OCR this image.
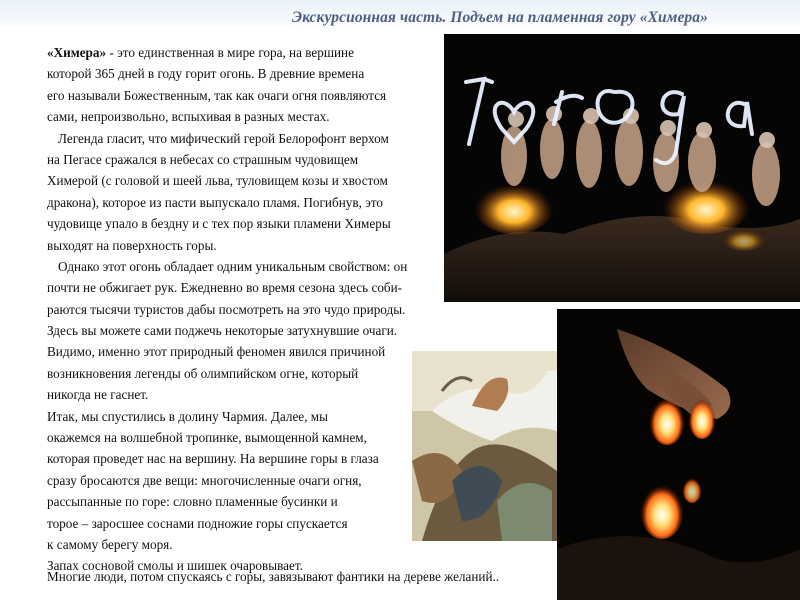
Экскурсионная часть. Подъем на пламенная гору «Химера»
«Химера» - это единственная в мире гора, на вершине
которой 365 дней в году горит огонь. В древние времена
его называли Божественным, так как очаги огня появляются
сами, непроизвольно, вспыхивая в разных местах.
Легенда гласит, что мифический герой Белорофонт верхом
на Пегасе сражался в небесах со страшным чудовищем
Химерой (с головой и шеей льва, туловищем козы и хвостом
дракона), которое из пасти выпускало пламя. Погибнув, это
чудовище упало в бездну и с тех пор языки пламени Химеры
выходят на поверхность горы.
Однако этот огонь обладает одним уникальным свойством: он
почти не обжигает рук. Ежедневно во время сезона здесь соби-
раются тысячи туристов дабы посмотреть на это чудо природы.
Здесь вы можете сами поджечь некоторые затухнувшие очаги.
Видимо, именно этот природный феномен явился причиной
возникновения легенды об олимпийском огне, который
никогда не гаснет.
Итак, мы спустились в долину Чармия. Далее, мы
окажемся на волшебной тропинке, вымощенной камнем,
которая проведет нас на вершину. На вершине горы в глаза
сразу бросаются две вещи: многочисленные очаги огня,
рассыпанные по горе: словно пламенные бусинки и
торое – заросшее соснами подножие горы спускается
к самому берегу моря.
Запах сосновой смолы и шишек очаровывает.
Многие люди, потом спускаясь с горы, завязывают фантики на дереве желаний..
